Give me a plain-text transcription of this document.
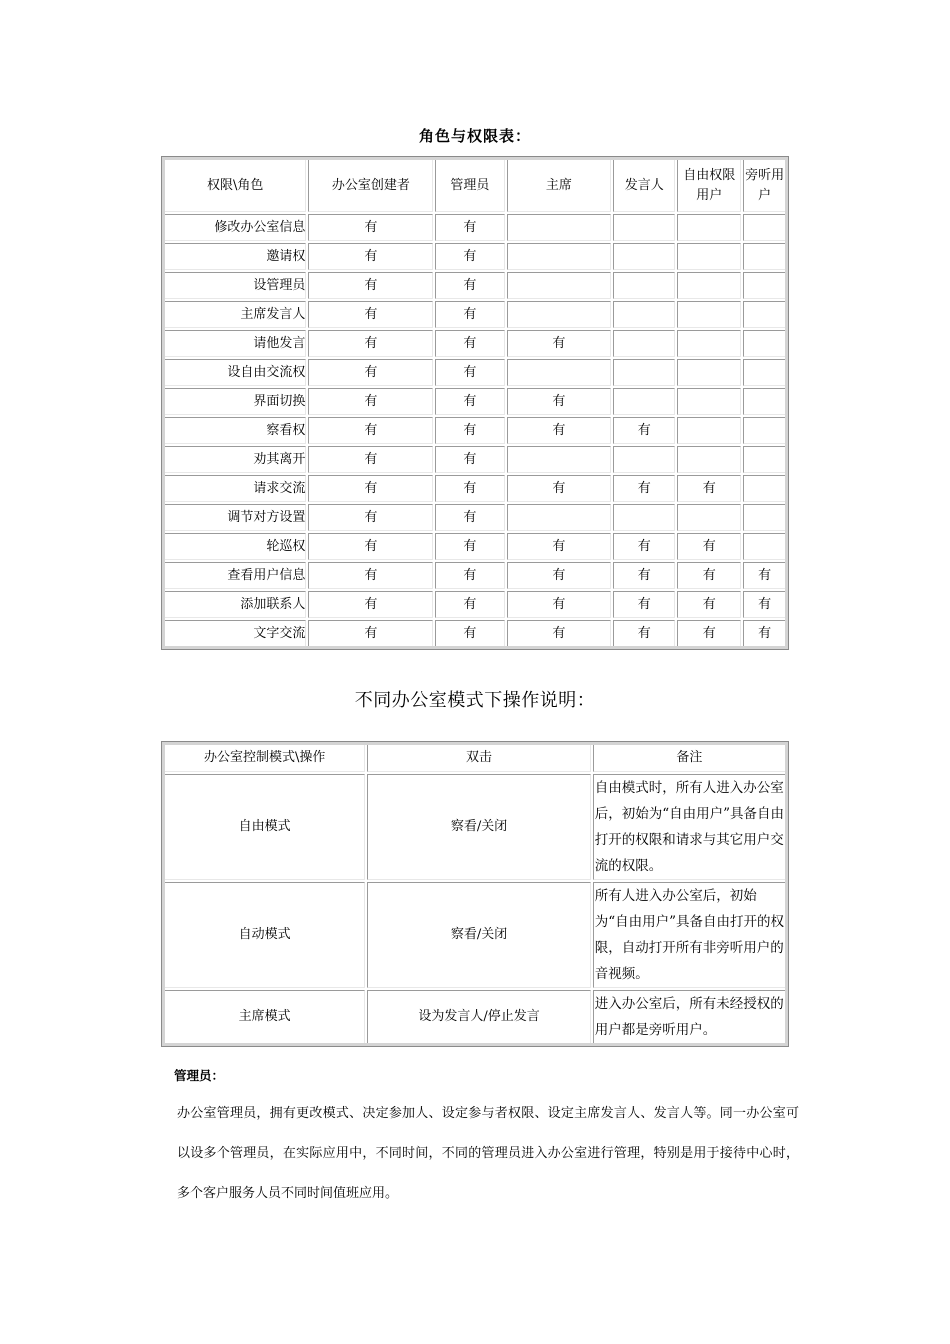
角色与权限表：
权限\角色	办公室创建者	管理员	主席	发言人	自由权限用户	旁听用户
修改办公室信息	有	有				
邀请权	有	有				
设管理员	有	有				
主席发言人	有	有				
请他发言	有	有	有			
设自由交流权	有	有				
界面切换	有	有	有			
察看权	有	有	有	有		
劝其离开	有	有				
请求交流	有	有	有	有	有	
调节对方设置	有	有				
轮巡权	有	有	有	有	有	
查看用户信息	有	有	有	有	有	有
添加联系人	有	有	有	有	有	有
文字交流	有	有	有	有	有	有
不同办公室模式下操作说明：
办公室控制模式\操作	双击	备注
自由模式	察看/关闭	自由模式时，所有人进入办公室后，初始为“自由用户”具备自由打开的权限和请求与其它用户交流的权限。
自动模式	察看/关闭	所有人进入办公室后，初始为“自由用户”具备自由打开的权限，自动打开所有非旁听用户的音视频。
主席模式	设为发言人/停止发言	进入办公室后，所有未经授权的用户都是旁听用户。
管理员：
办公室管理员，拥有更改模式、决定参加人、设定参与者权限、设定主席发言人、发言人等。同一办公室可以设多个管理员，在实际应用中，不同时间，不同的管理员进入办公室进行管理，特别是用于接待中心时，多个客户服务人员不同时间值班应用。
